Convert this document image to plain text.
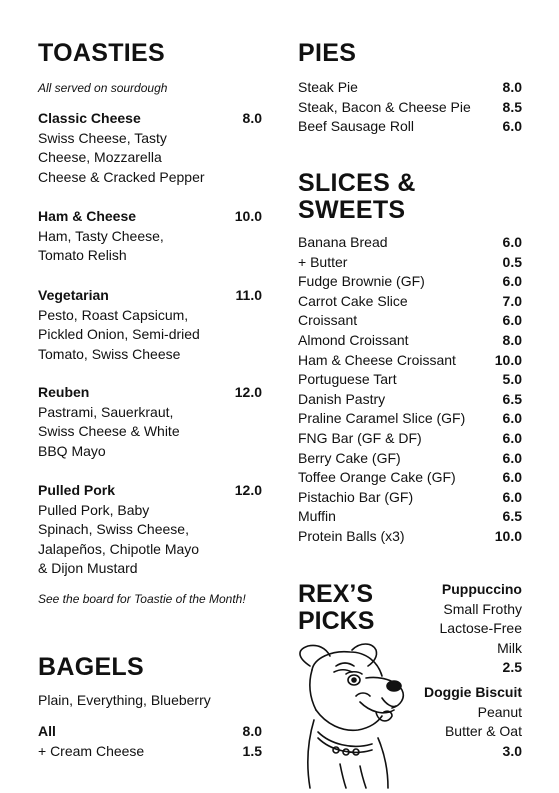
TOASTIES
All served on sourdough
Classic Cheese	8.0
Swiss Cheese, Tasty
Cheese, Mozzarella
Cheese & Cracked Pepper
Ham & Cheese	10.0
Ham, Tasty Cheese,
Tomato Relish
Vegetarian	11.0
Pesto, Roast Capsicum,
Pickled Onion, Semi-dried
Tomato, Swiss Cheese
Reuben	12.0
Pastrami, Sauerkraut,
Swiss Cheese & White
BBQ Mayo
Pulled Pork	12.0
Pulled Pork, Baby
Spinach, Swiss Cheese,
Jalapeños, Chipotle Mayo
& Dijon Mustard
See the board for Toastie of the Month!
BAGELS
Plain, Everything, Blueberry
All	8.0
+ Cream Cheese	1.5
PIES
Steak Pie	8.0
Steak, Bacon & Cheese Pie 8.5
Beef Sausage Roll	6.0
SLICES &
SWEETS
Banana Bread	6.0
+ Butter	0.5
Fudge Brownie (GF)	6.0
Carrot Cake Slice	7.0
Croissant	6.0
Almond Croissant	8.0
Ham & Cheese Croissant	10.0
Portuguese Tart	5.0
Danish Pastry	6.5
Praline Caramel Slice (GF)	6.0
FNG Bar (GF & DF)	6.0
Berry Cake (GF)	6.0
Toffee Orange Cake (GF)	6.0
Pistachio Bar (GF)	6.0
Muffin	6.5
Protein Balls (x3)	10.0
REX’S
PICKS
Puppuccino
Small Frothy
Lactose-Free
Milk
2.5
Doggie Biscuit
Peanut
Butter & Oat
3.0
